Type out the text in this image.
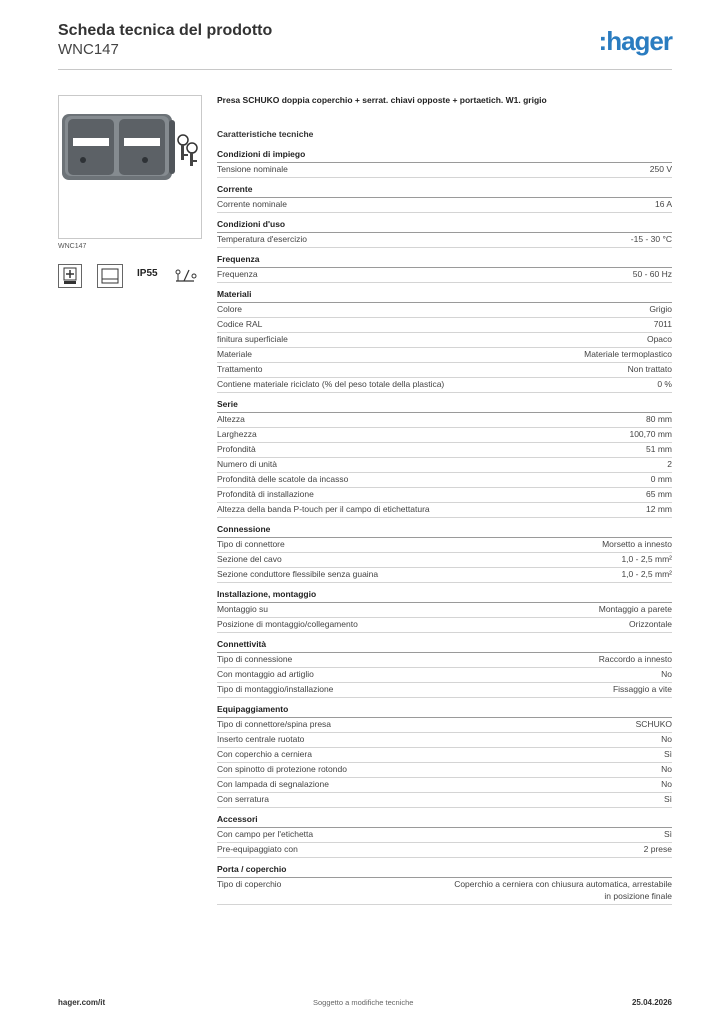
Scheda tecnica del prodotto
WNC147	:hager
WNC147
IP55
Presa SCHUKO doppia coperchio + serrat. chiavi opposte + portaetich. W1. grigio
Caratteristiche tecniche
Condizioni di impiego
Tensione nominale	250 V
Corrente
Corrente nominale	16 A
Condizioni d'uso
Temperatura d'esercizio	-15 - 30 °C
Frequenza
Frequenza	50 - 60 Hz
Materiali
Colore	Grigio
Codice RAL	7011
finitura superficiale	Opaco
Materiale	Materiale termoplastico
Trattamento	Non trattato
Contiene materiale riciclato (% del peso totale della plastica)	0 %
Serie
Altezza	80 mm
Larghezza	100,70 mm
Profondità	51 mm
Numero di unità	2
Profondità delle scatole da incasso	0 mm
Profondità di installazione	65 mm
Altezza della banda P-touch per il campo di etichettatura	12 mm
Connessione
Tipo di connettore	Morsetto a innesto
Sezione del cavo	1,0 - 2,5 mm²
Sezione conduttore flessibile senza guaina	1,0 - 2,5 mm²
Installazione, montaggio
Montaggio su	Montaggio a parete
Posizione di montaggio/collegamento	Orizzontale
Connettività
Tipo di connessione	Raccordo a innesto
Con montaggio ad artiglio	No
Tipo di montaggio/installazione	Fissaggio a vite
Equipaggiamento
Tipo di connettore/spina presa	SCHUKO
Inserto centrale ruotato	No
Con coperchio a cerniera	Sì
Con spinotto di protezione rotondo	No
Con lampada di segnalazione	No
Con serratura	Sì
Accessori
Con campo per l'etichetta	Sì
Pre-equipaggiato con	2 prese
Porta / coperchio
Tipo di coperchio	Coperchio a cerniera con chiusura automatica, arrestabile in posizione finale
hager.com/it	Soggetto a modifiche tecniche	25.04.2026
